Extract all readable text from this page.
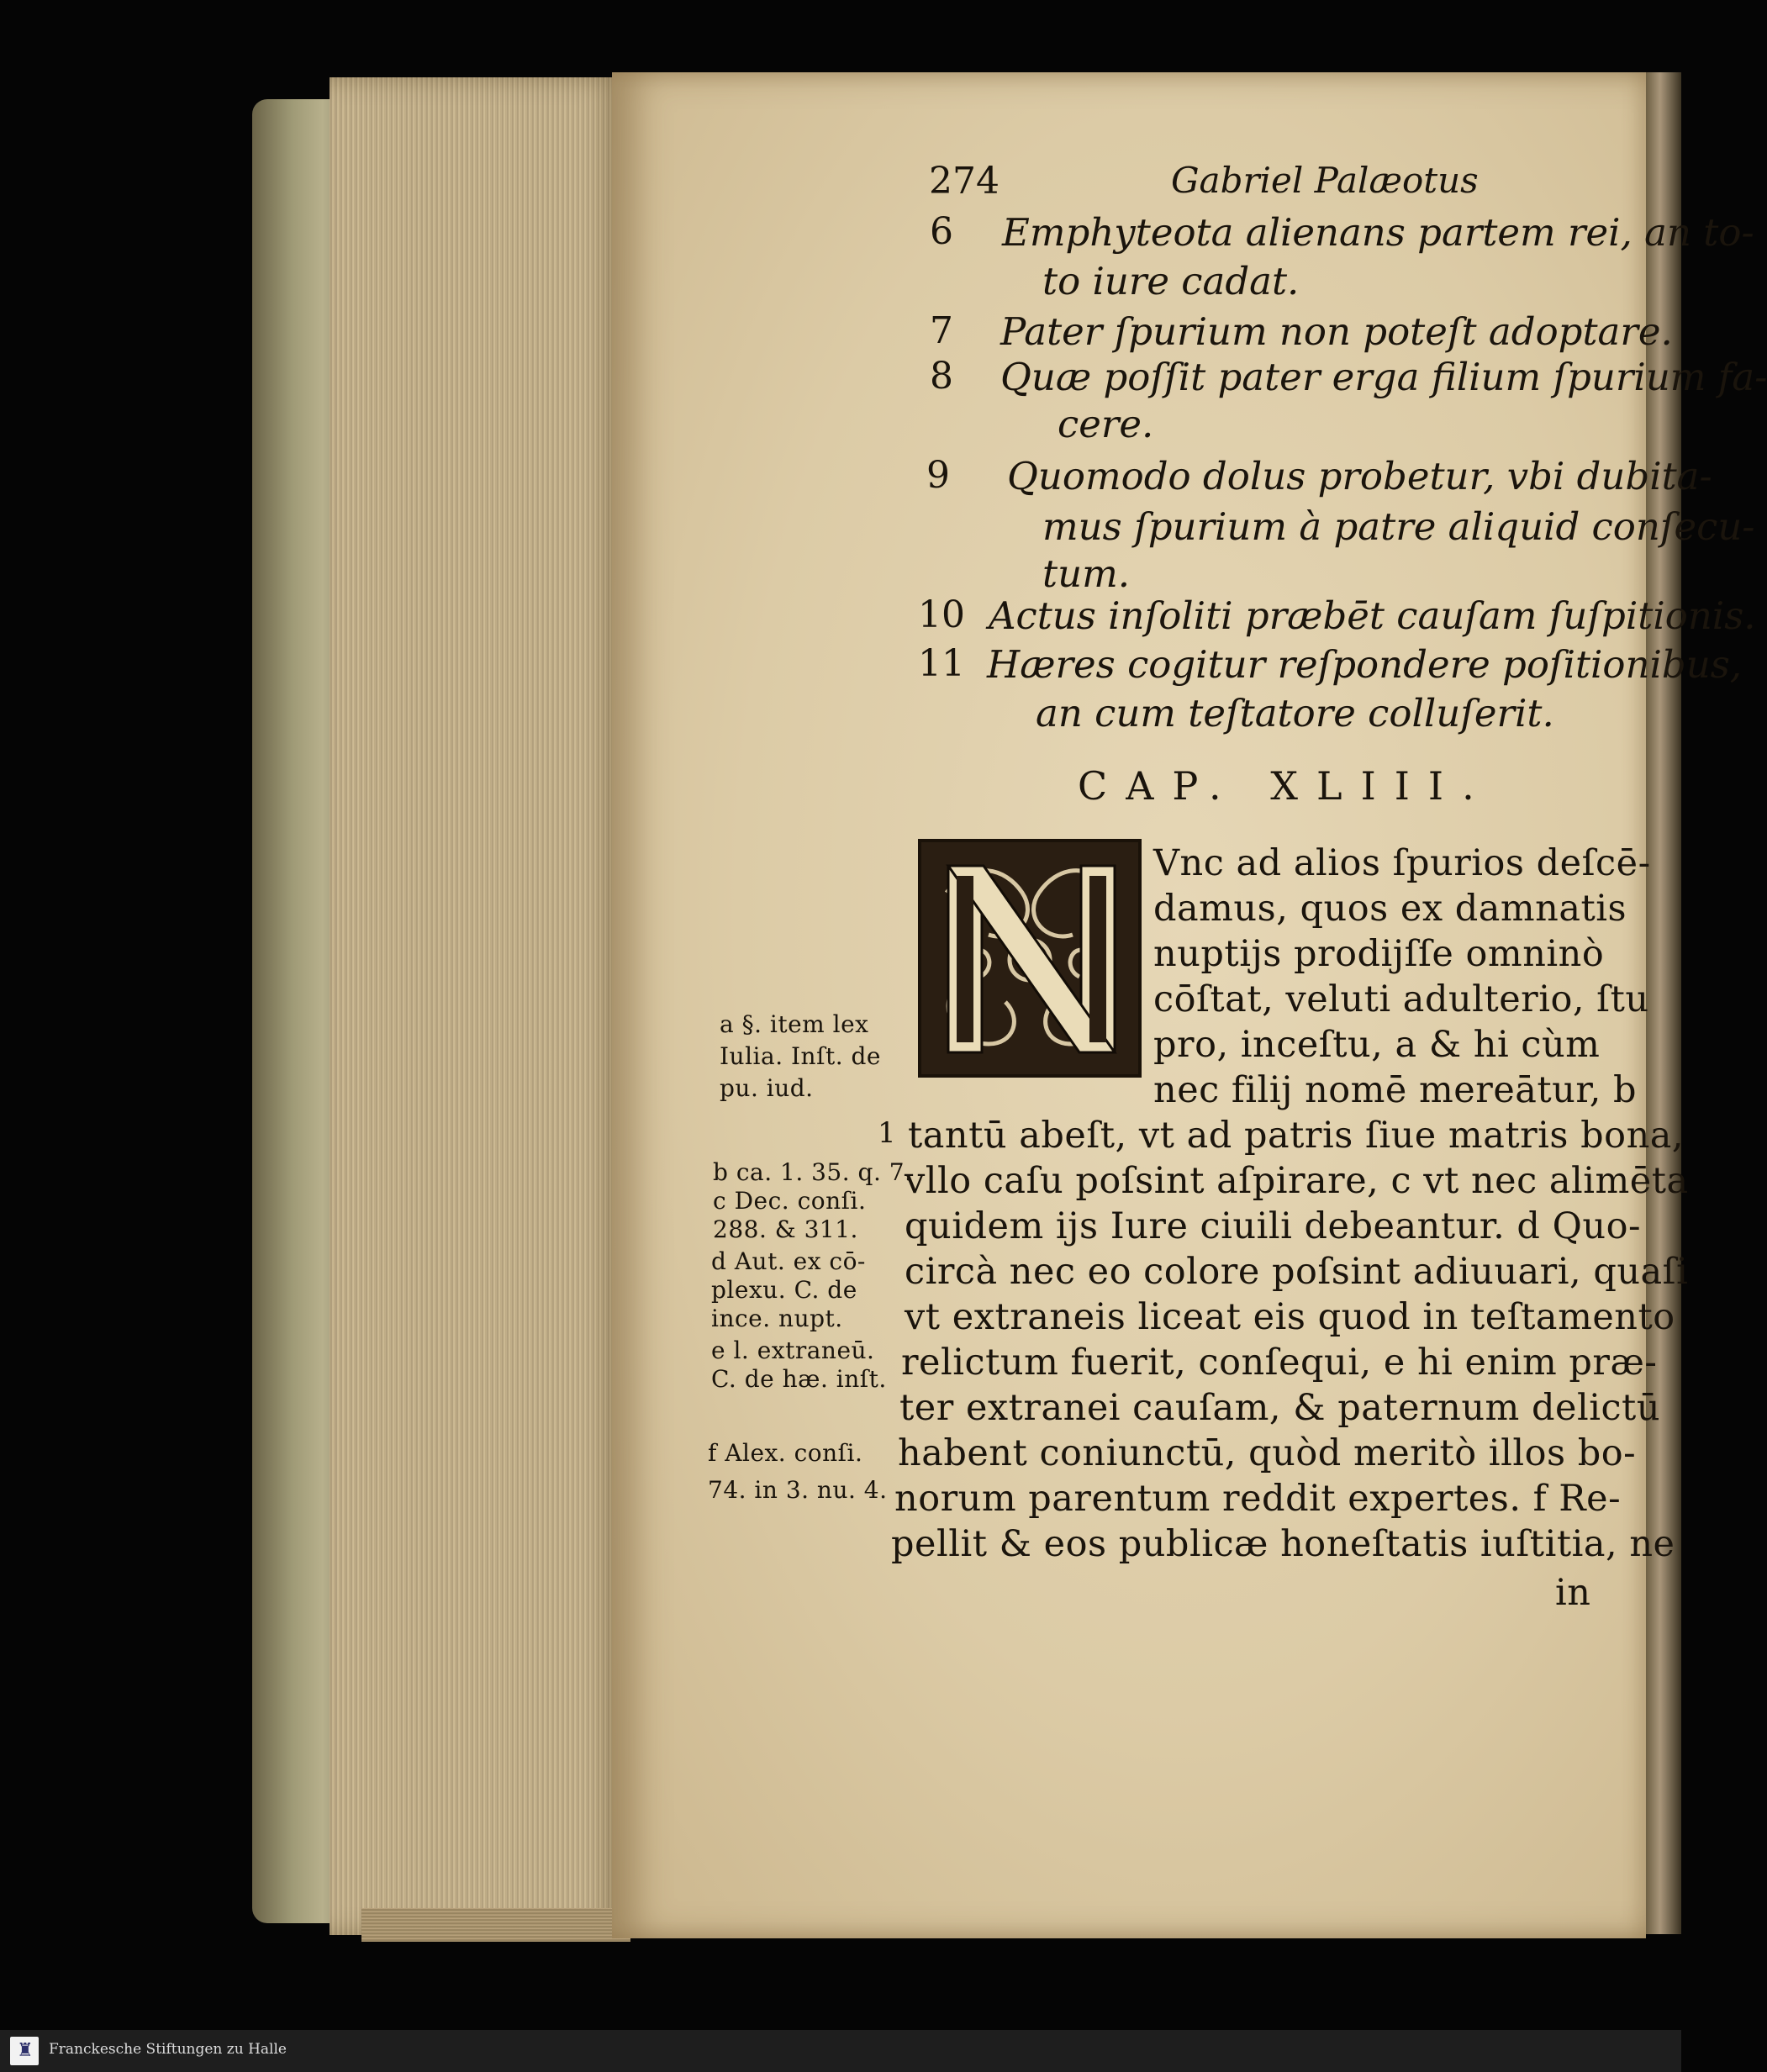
274	Gabriel Palæotus
6 Emphyteota alienans partem rei, an to-
to iure cadat.
7 Pater ſpurium non poteſt adoptare.
8 Quæ poſſit pater erga filium ſpurium fa-
cere.
9 Quomodo dolus probetur, vbi dubita-
mus ſpurium à patre aliquid conſecu-
tum.
10 Actus inſoliti præbēt cauſam ſuſpitionis.
11 Hæres cogitur reſpondere poſitionibus,
an cum teſtatore colluſerit.
CAP. XLIII.
Vnc ad alios ſpurios deſcē-
damus, quos ex damnatis
nuptijs prodijſſe omninò
cōſtat, veluti adulterio, ſtu
pro, inceſtu, a & hi cùm
nec filij nomē mereātur, b
1 tantū abeſt, vt ad patris ſiue matris bona,
vllo caſu poſsint aſpirare, c vt nec alimēta
quidem ijs Iure ciuili debeantur. d Quo-
circà nec eo colore poſsint adiuuari, quaſi
vt extraneis liceat eis quod in teſtamento
relictum fuerit, conſequi, e hi enim præ-
ter extranei cauſam, & paternum delictū
habent coniunctū, quòd meritò illos bo-
norum parentum reddit expertes. f Re-
pellit & eos publicæ honeſtatis iuſtitia, ne
in
a §. item lex
Iulia. Inſt. de
pu. iud.
b ca. 1. 35. q. 7.
c Dec. conſi.
288. & 311.
d Aut. ex cō-
plexu. C. de
ince. nupt.
e l. extraneū.
C. de hæ. inſt.
f Alex. conſi.
74. in 3. nu. 4.
♜ Franckesche Stiftungen zu Halle
